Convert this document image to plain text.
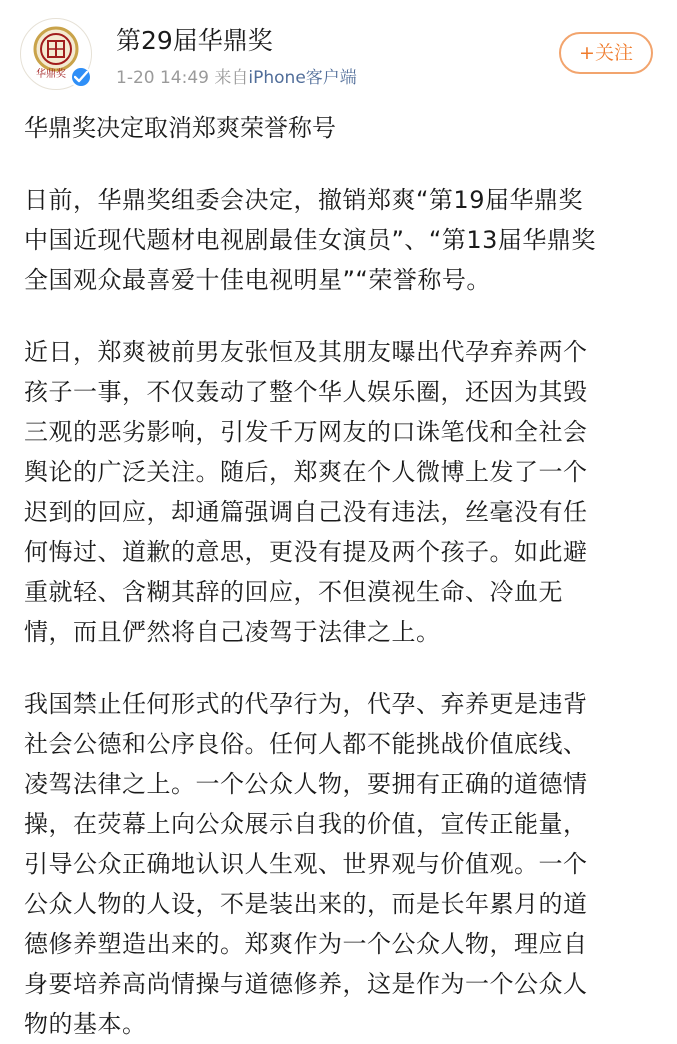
华鼎奖
第29届华鼎奖
1-20 14:49 来自iPhone客户端
+关注

华鼎奖决定取消郑爽荣誉称号

日前，华鼎奖组委会决定，撤销郑爽“第19届华鼎奖

中国近现代题材电视剧最佳女演员”、“第13届华鼎奖

全国观众最喜爱十佳电视明星”“荣誉称号。

近日，郑爽被前男友张恒及其朋友曝出代孕弃养两个

孩子一事，不仅轰动了整个华人娱乐圈，还因为其毁

三观的恶劣影响，引发千万网友的口诛笔伐和全社会

舆论的广泛关注。随后，郑爽在个人微博上发了一个

迟到的回应，却通篇强调自己没有违法，丝毫没有任

何悔过、道歉的意思，更没有提及两个孩子。如此避

重就轻、含糊其辞的回应，不但漠视生命、冷血无

情，而且俨然将自己凌驾于法律之上。

我国禁止任何形式的代孕行为，代孕、弃养更是违背

社会公德和公序良俗。任何人都不能挑战价值底线、

凌驾法律之上。一个公众人物，要拥有正确的道德情

操，在荧幕上向公众展示自我的价值，宣传正能量，

引导公众正确地认识人生观、世界观与价值观。一个

公众人物的人设，不是装出来的，而是长年累月的道

德修养塑造出来的。郑爽作为一个公众人物，理应自

身要培养高尚情操与道德修养，这是作为一个公众人

物的基本。
